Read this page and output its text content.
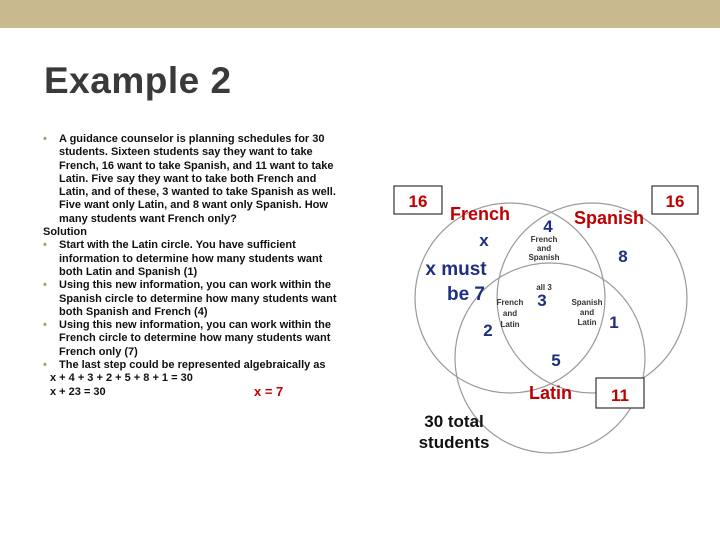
Example 2
• A guidance counselor is planning schedules for 30 students. Sixteen students say they want to take French, 16 want to take Spanish, and 11 want to take Latin. Five say they want to take both French and Latin, and of these, 3 wanted to take Spanish as well. Five want only Latin, and 8 want only Spanish. How many students want French only?
Solution
• Start with the Latin circle. You have sufficient information to determine how many students want both Latin and Spanish (1)
• Using this new information, you can work within the Spanish circle to determine how many students want both Spanish and French (4)
• Using this new information, you can work within the French circle to determine how many students want French only (7)
• The last step could be represented algebraically as
x + 4 + 3 + 2 + 5 + 8 + 1 = 30
x + 23 = 30	x = 7
16	16
11
French	Spanish
Latin
x
x must
be 7
8
4
French
and
Spanish
all 3
3
French
and
Latin
2
Spanish
and
Latin 1
5
30 total
students
